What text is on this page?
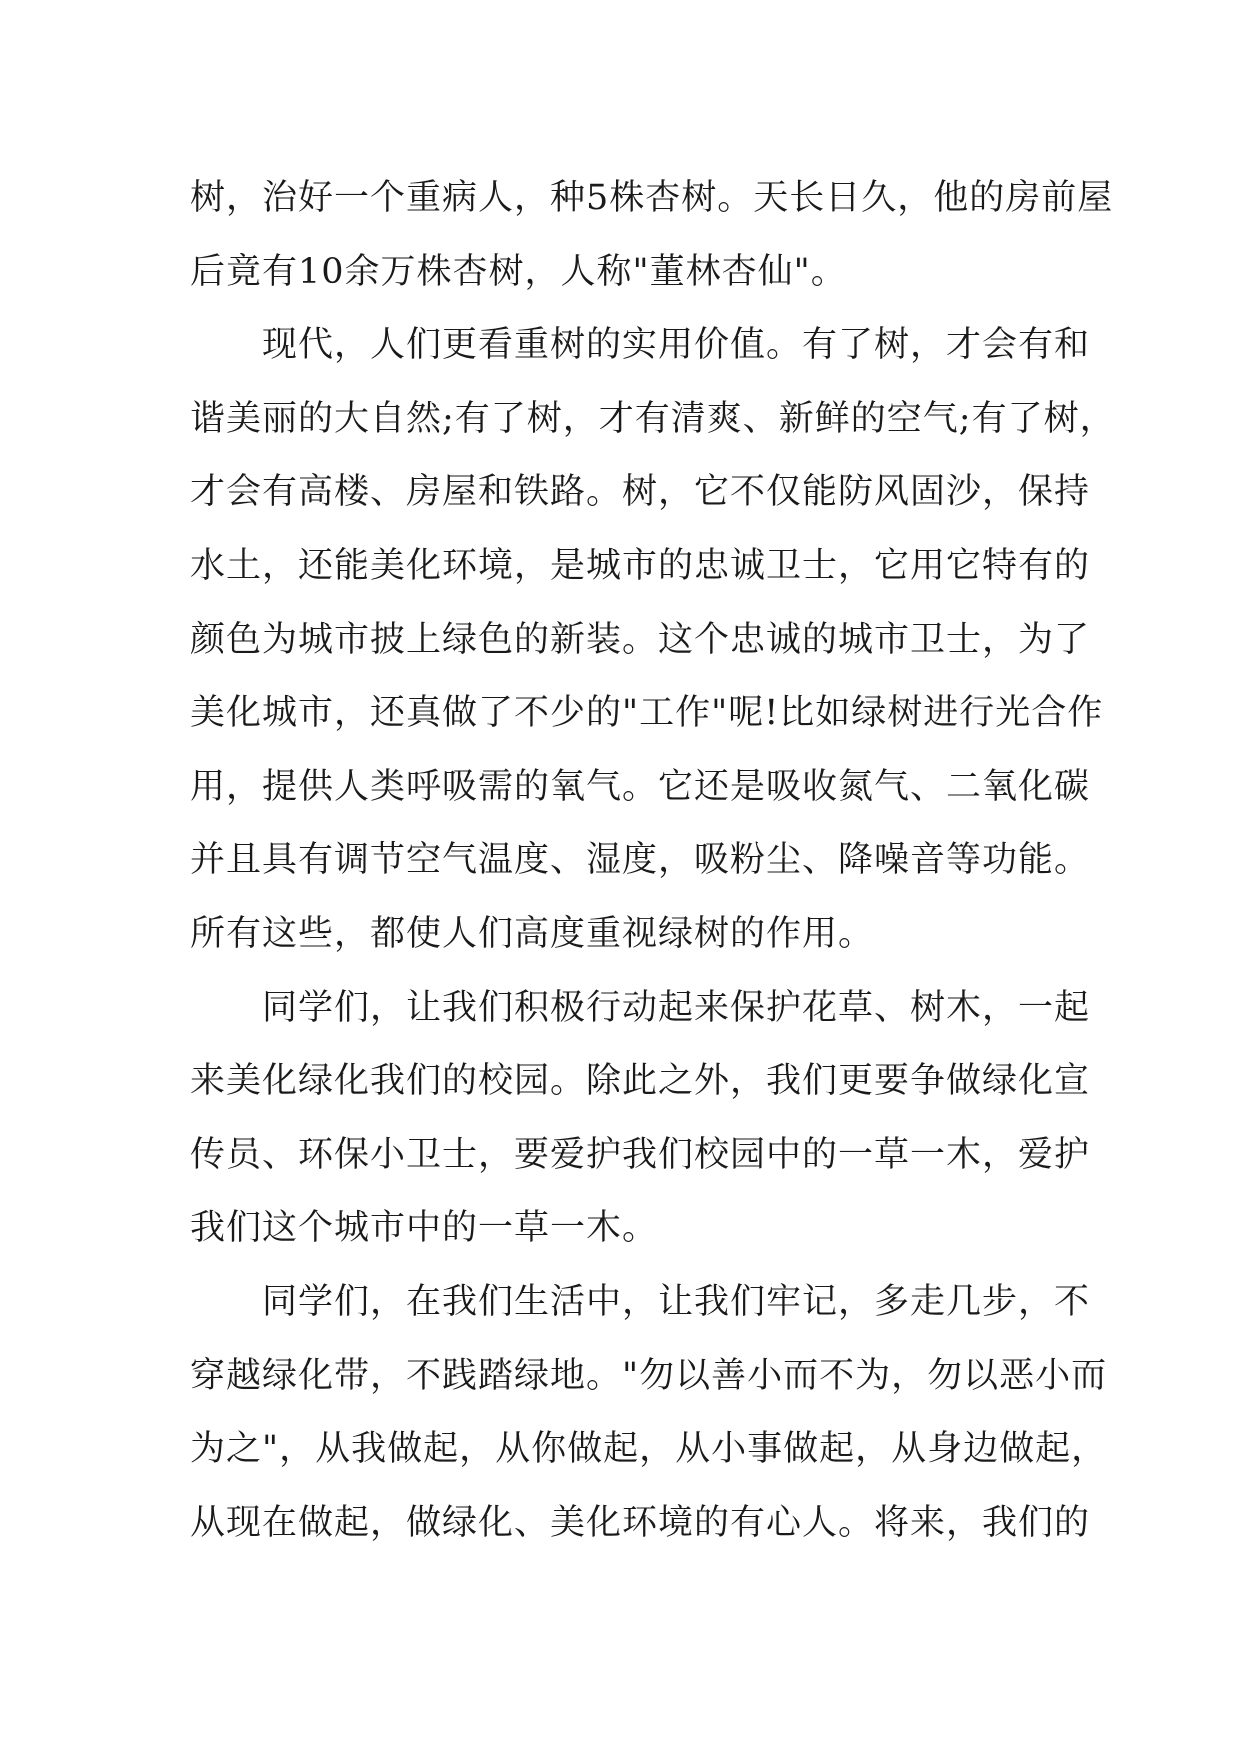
树，治好一个重病人，种5株杏树。天长日久，他的房前屋
后竟有10余万株杏树，人称"董林杏仙"。

现代，人们更看重树的实用价值。有了树，才会有和
谐美丽的大自然;有了树，才有清爽、新鲜的空气;有了树，
才会有高楼、房屋和铁路。树，它不仅能防风固沙，保持
水土，还能美化环境，是城市的忠诚卫士，它用它特有的
颜色为城市披上绿色的新装。这个忠诚的城市卫士，为了
美化城市，还真做了不少的"工作"呢!比如绿树进行光合作
用，提供人类呼吸需的氧气。它还是吸收氮气、二氧化碳
并且具有调节空气温度、湿度，吸粉尘、降噪音等功能。
所有这些，都使人们高度重视绿树的作用。

同学们，让我们积极行动起来保护花草、树木，一起
来美化绿化我们的校园。除此之外，我们更要争做绿化宣
传员、环保小卫士，要爱护我们校园中的一草一木，爱护
我们这个城市中的一草一木。

同学们，在我们生活中，让我们牢记，多走几步，不
穿越绿化带，不践踏绿地。"勿以善小而不为，勿以恶小而
为之"，从我做起，从你做起，从小事做起，从身边做起，
从现在做起，做绿化、美化环境的有心人。将来，我们的
